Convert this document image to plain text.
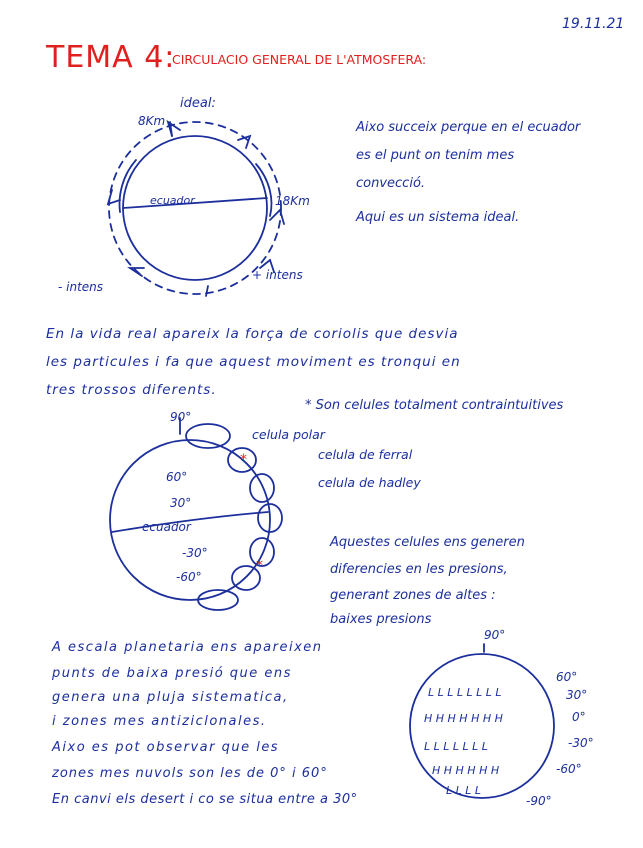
19.11.21
TEMA 4:
CIRCULACIO GENERAL DE L'ATMOSFERA:
ideal:
8Km
18Km
ecuador
- intens
+ intens
Aixo succeix perque en el ecuador
es el punt on tenim mes
convecció.
Aqui es un sistema ideal.
En la vida real apareix la força de coriolis que desvia
les particules i fa que aquest moviment es tronqui en
tres trossos diferents.
* Son celules totalment contraintuitives
*
*
90°
60°
30°
ecuador
-30°
-60°
celula polar
celula de ferral
celula de hadley
Aquestes celules ens generen
diferencies en les presions,
generant zones de altes :
baixes presions
A escala planetaria ens apareixen
punts de baixa presió que ens
genera una pluja sistematica,
i zones mes antiziclonales.
Aixo es pot observar que les
zones mes nuvols son les de 0° i 60°
En canvi els desert i co se situa entre a 30°
L L L L L L L L
H H H H H H H
L L L L L L L
H H H H H H
L L L L
90°
60°
30°
0°
-30°
-60°
-90°
